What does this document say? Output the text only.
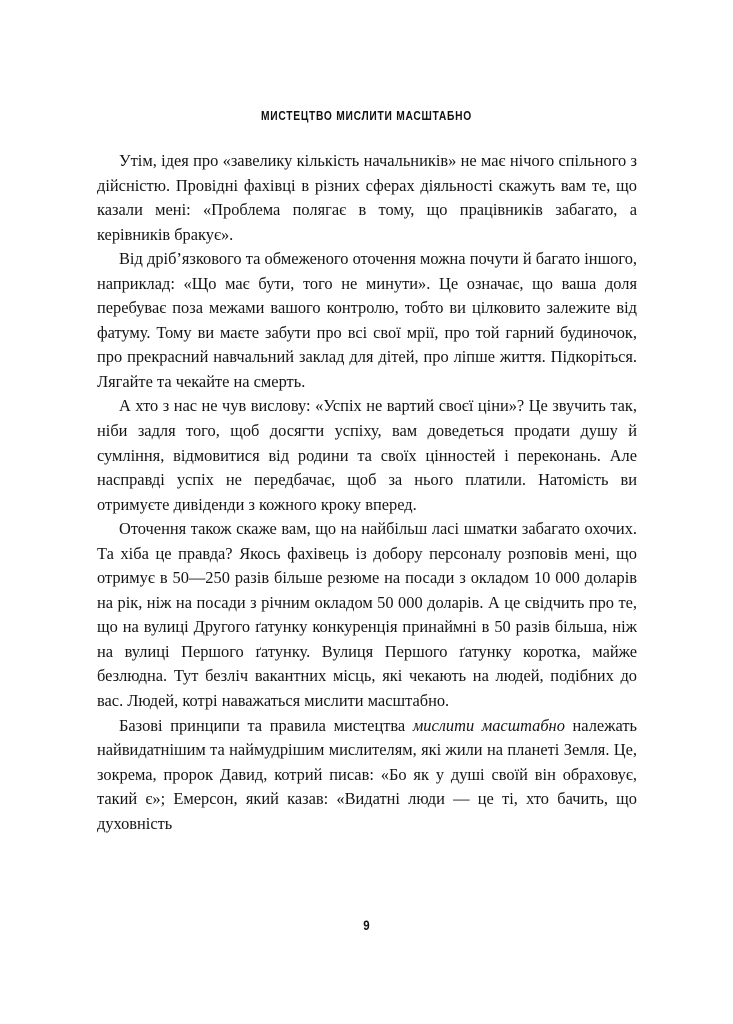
МИСТЕЦТВО МИСЛИТИ МАСШТАБНО

Утім, ідея про «завелику кількість начальників» не має нічого спільного з дійсністю. Провідні фахівці в різних сферах діяльності скажуть вам те, що казали мені: «Проблема полягає в тому, що працівників забагато, а керівників бракує».

Від дріб’язкового та обмеженого оточення можна почути й багато іншого, наприклад: «Що має бути, того не минути». Це означає, що ваша доля перебуває поза межами вашого контролю, тобто ви цілковито залежите від фатуму. Тому ви маєте забути про всі свої мрії, про той гарний будиночок, про прекрасний навчальний заклад для дітей, про ліпше життя. Підкоріться. Лягайте та чекайте на смерть.

А хто з нас не чув вислову: «Успіх не вартий своєї ціни»? Це звучить так, ніби задля того, щоб досягти успіху, вам доведеться продати душу й сумління, відмовитися від родини та своїх цінностей і переконань. Але насправді успіх не передбачає, щоб за нього платили. Натомість ви отримуєте дивіденди з кожного кроку вперед.

Оточення також скаже вам, що на найбільш ласі шматки забагато охочих. Та хіба це правда? Якось фахівець із добору персоналу розповів мені, що отримує в 50—250 разів більше резюме на посади з окладом 10 000 доларів на рік, ніж на посади з річним окладом 50 000 доларів. А це свідчить про те, що на вулиці Другого ґатунку конкуренція принаймні в 50 разів більша, ніж на вулиці Першого ґатунку. Вулиця Першого ґатунку коротка, майже безлюдна. Тут безліч вакантних місць, які чекають на людей, подібних до вас. Людей, котрі наважаться мислити масштабно.

Базові принципи та правила мистецтва мислити масштабно належать найвидатнішим та наймудрішим мислителям, які жили на планеті Земля. Це, зокрема, пророк Давид, котрий писав: «Бо як у душі своїй він обраховує, такий є»; Емерсон, який казав: «Видатні люди — це ті, хто бачить, що духовність

9
